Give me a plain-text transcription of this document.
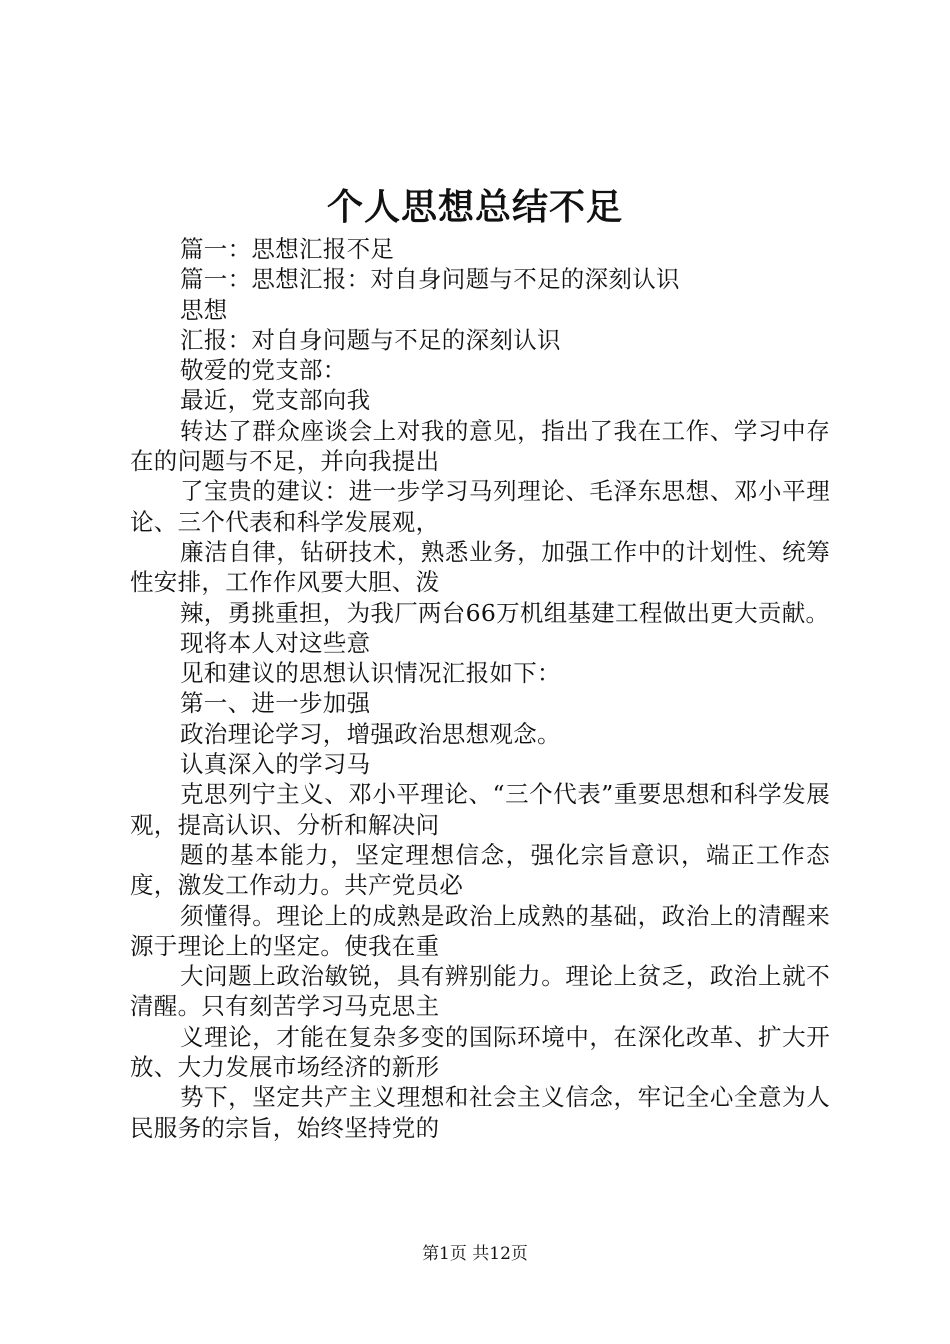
个人思想总结不足

篇一：思想汇报不足

篇一：思想汇报：对自身问题与不足的深刻认识

思想

汇报：对自身问题与不足的深刻认识

敬爱的党支部：

最近，党支部向我

转达了群众座谈会上对我的意见，指出了我在工作、学习中存在的问题与不足，并向我提出

了宝贵的建议：进一步学习马列理论、毛泽东思想、邓小平理论、三个代表和科学发展观，

廉洁自律，钻研技术，熟悉业务，加强工作中的计划性、统筹性安排，工作作风要大胆、泼

辣，勇挑重担，为我厂两台66万机组基建工程做出更大贡献。

现将本人对这些意

见和建议的思想认识情况汇报如下：

第一、进一步加强

政治理论学习，增强政治思想观念。

认真深入的学习马

克思列宁主义、邓小平理论、“三个代表”重要思想和科学发展观，提高认识、分析和解决问

题的基本能力，坚定理想信念，强化宗旨意识，端正工作态度，激发工作动力。共产党员必

须懂得。理论上的成熟是政治上成熟的基础，政治上的清醒来源于理论上的坚定。使我在重

大问题上政治敏锐，具有辨别能力。理论上贫乏，政治上就不清醒。只有刻苦学习马克思主

义理论，才能在复杂多变的国际环境中，在深化改革、扩大开放、大力发展市场经济的新形

势下，坚定共产主义理想和社会主义信念，牢记全心全意为人民服务的宗旨，始终坚持党的

第1页 共12页
